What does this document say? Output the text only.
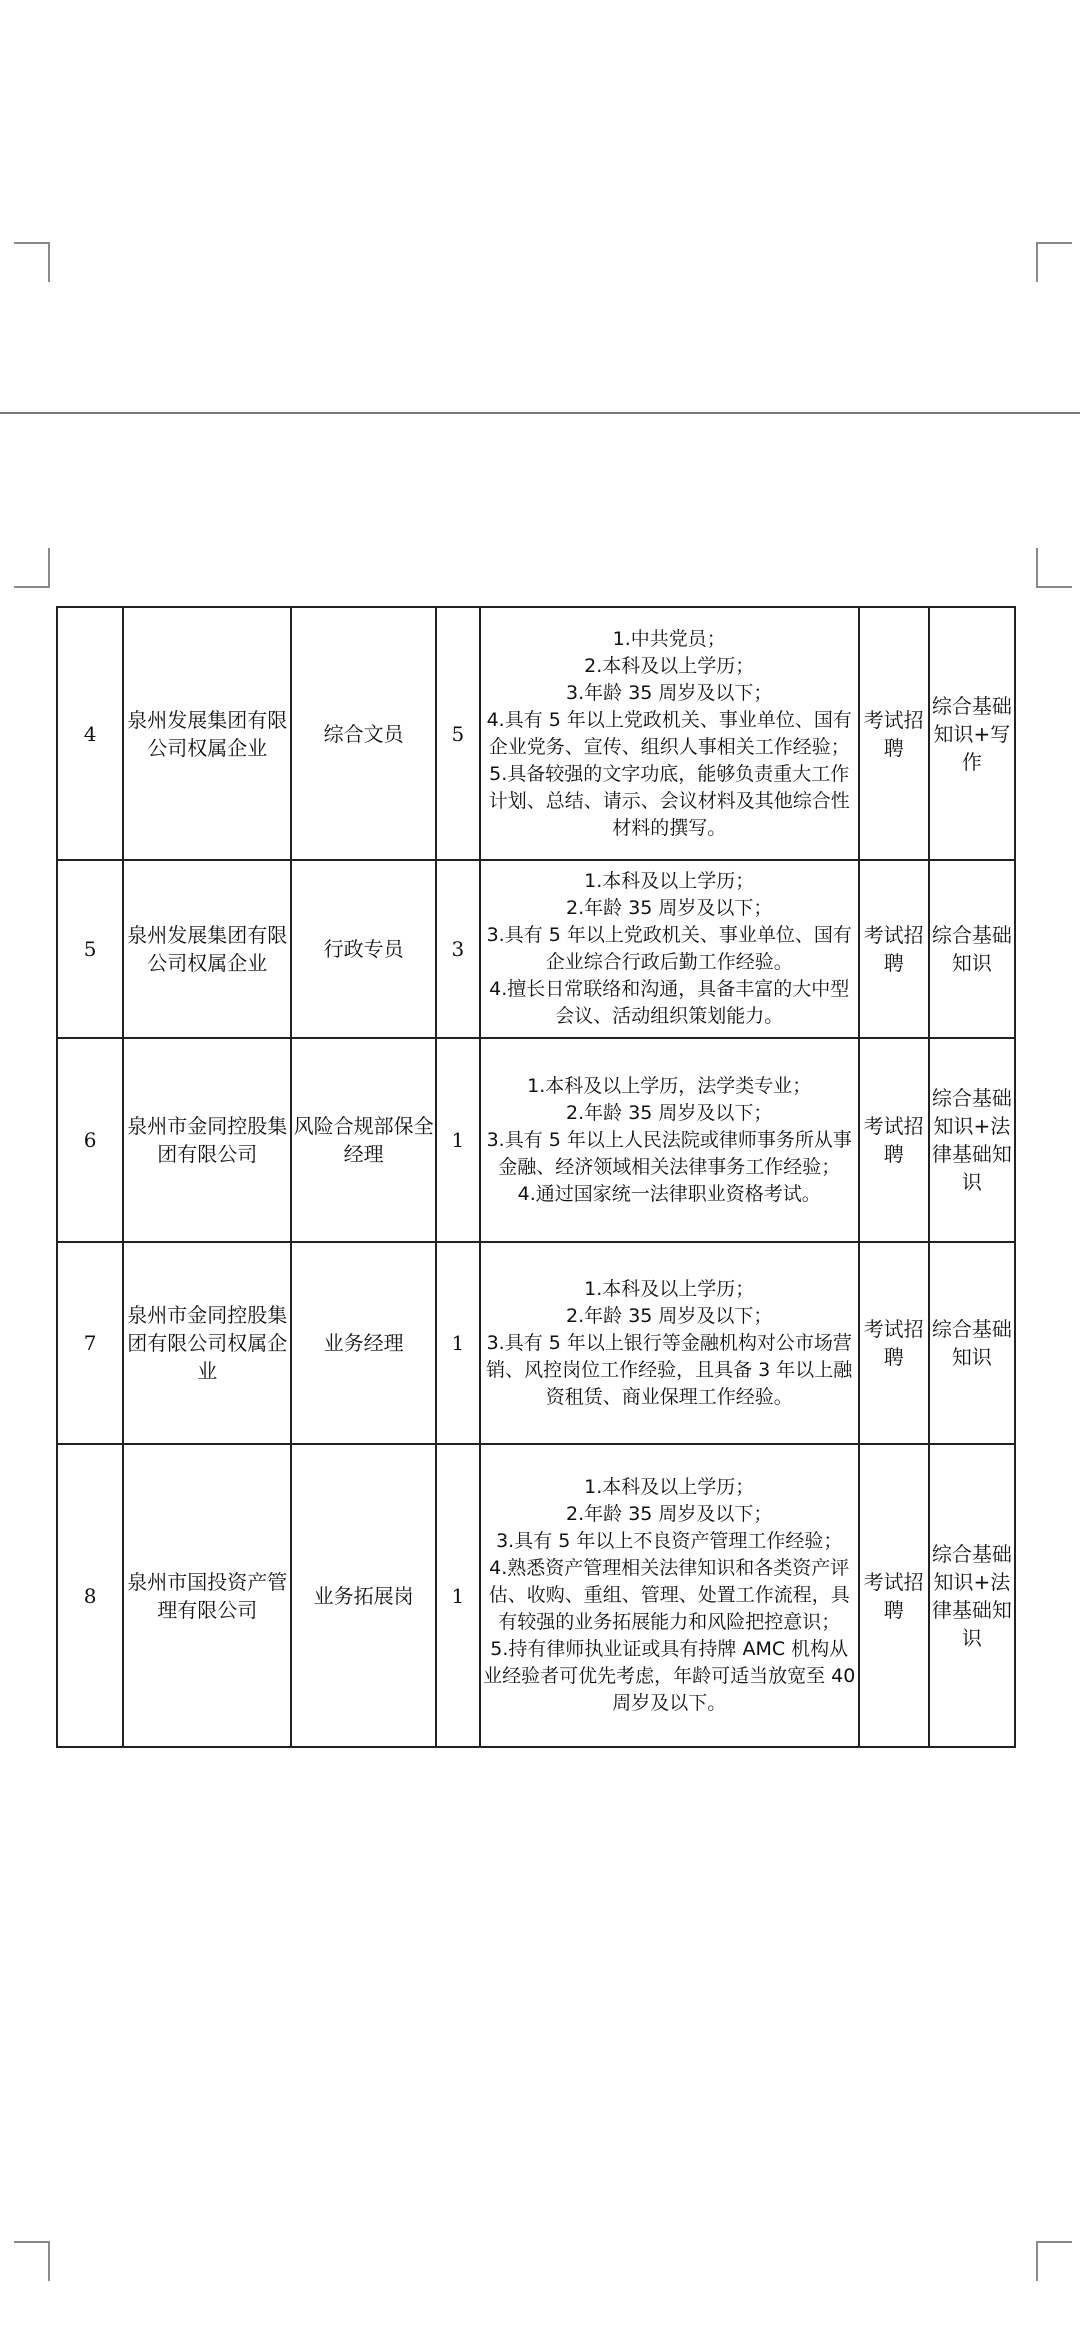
4	泉州发展集团有限公司权属企业	综合文员	5	1.中共党员；
2.本科及以上学历；
3.年龄 35 周岁及以下；
4.具有 5 年以上党政机关、事业单位、国有企业党务、宣传、组织人事相关工作经验；
5.具备较强的文字功底，能够负责重大工作计划、总结、请示、会议材料及其他综合性材料的撰写。	考试招聘	综合基础知识+写作
5	泉州发展集团有限公司权属企业	行政专员	3	1.本科及以上学历；
2.年龄 35 周岁及以下；
3.具有 5 年以上党政机关、事业单位、国有企业综合行政后勤工作经验。
4.擅长日常联络和沟通，具备丰富的大中型会议、活动组织策划能力。	考试招聘	综合基础知识
6	泉州市金同控股集团有限公司	风险合规部保全经理	1	1.本科及以上学历，法学类专业；
2.年龄 35 周岁及以下；
3.具有 5 年以上人民法院或律师事务所从事金融、经济领域相关法律事务工作经验；
4.通过国家统一法律职业资格考试。	考试招聘	综合基础知识+法律基础知识
7	泉州市金同控股集团有限公司权属企业	业务经理	1	1.本科及以上学历；
2.年龄 35 周岁及以下；
3.具有 5 年以上银行等金融机构对公市场营销、风控岗位工作经验，且具备 3 年以上融资租赁、商业保理工作经验。	考试招聘	综合基础知识
8	泉州市国投资产管理有限公司	业务拓展岗	1	1.本科及以上学历；
2.年龄 35 周岁及以下；
3.具有 5 年以上不良资产管理工作经验；
4.熟悉资产管理相关法律知识和各类资产评估、收购、重组、管理、处置工作流程，具有较强的业务拓展能力和风险把控意识；
5.持有律师执业证或具有持牌 AMC 机构从业经验者可优先考虑，年龄可适当放宽至 40 周岁及以下。	考试招聘	综合基础知识+法律基础知识
